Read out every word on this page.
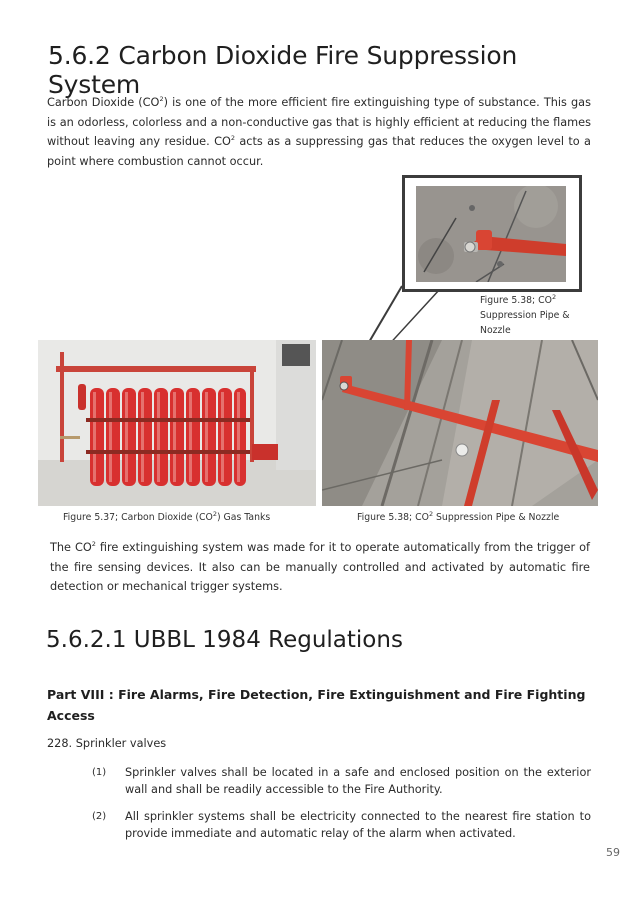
5.6.2 Carbon Dioxide Fire Suppression System

Carbon Dioxide $(CO^2)$ is one of the more efficient fire extinguishing type of substance. This gas is an odorless, colorless and a non-conductive gas that is highly efficient at reducing the flames without leaving any residue. $CO^2$ acts as a suppressing gas that reduces the oxygen level to a point where combustion cannot occur.

Figure 5.38; $CO^2$ Suppression Pipe & Nozzle
Figure 5.37; Carbon Dioxide $(CO^2)$ Gas Tanks	Figure 5.38; $CO^2$ Suppression Pipe & Nozzle

The $CO^2$ fire extinguishing system was made for it to operate automatically from the trigger of the fire sensing devices. It also can be manually controlled and activated by automatic fire detection or mechanical trigger systems.

5.6.2.1 UBBL 1984 Regulations
Part VIII : Fire Alarms, Fire Detection, Fire Extinguishment and Fire Fighting Access
228. Sprinkler valves
(1) Sprinkler valves shall be located in a safe and enclosed position on the exterior wall and shall be readily accessible to the Fire Authority.
(2) All sprinkler systems shall be electricity connected to the nearest fire station to provide immediate and automatic relay of the alarm when activated.
59
